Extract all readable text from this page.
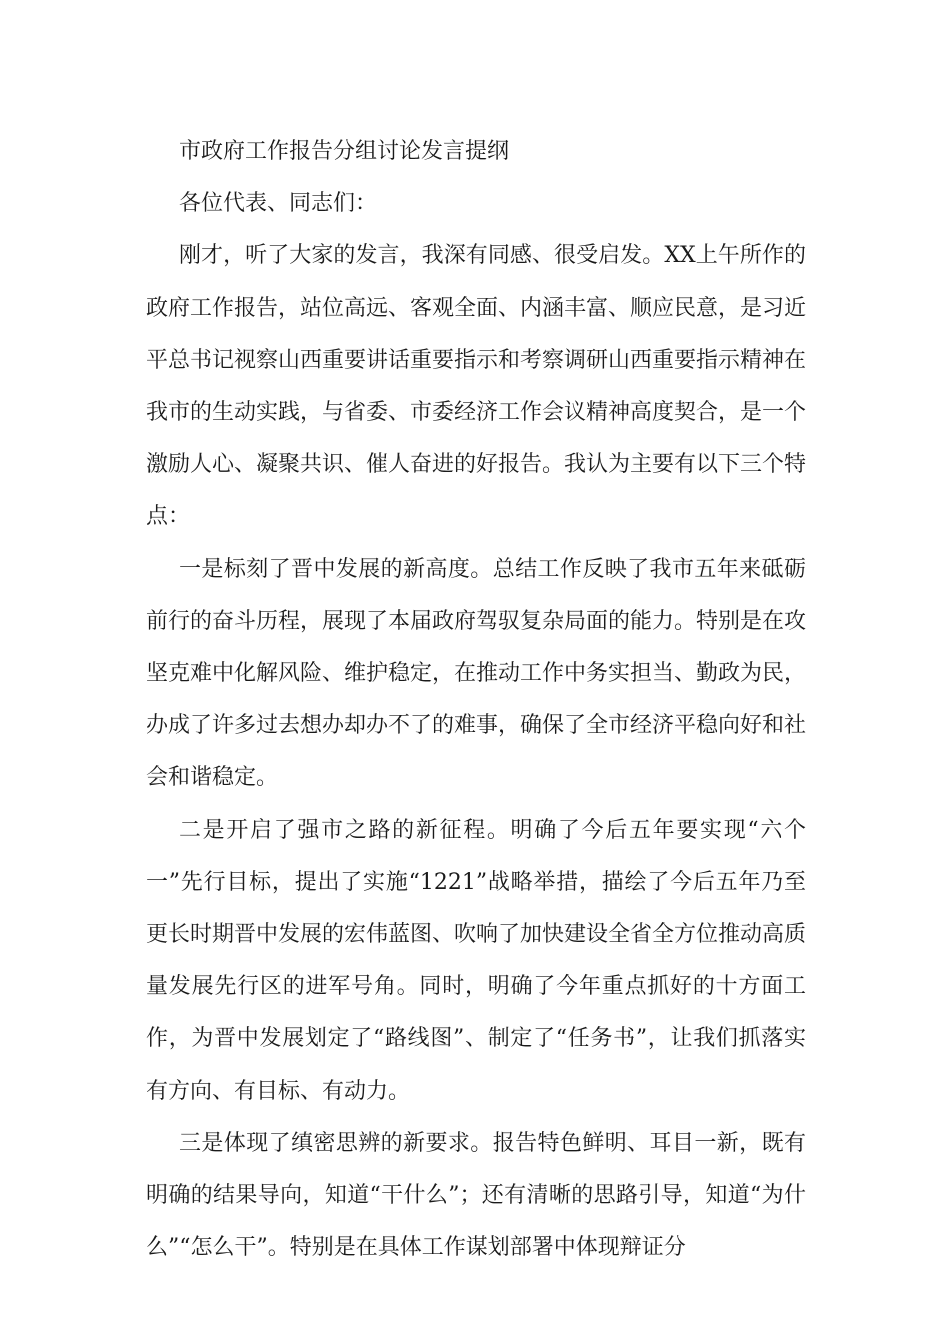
市政府工作报告分组讨论发言提纲

各位代表、同志们：

刚才，听了大家的发言，我深有同感、很受启发。XX上午所作的政府工作报告，站位高远、客观全面、内涵丰富、顺应民意，是习近平总书记视察山西重要讲话重要指示和考察调研山西重要指示精神在我市的生动实践，与省委、市委经济工作会议精神高度契合，是一个激励人心、凝聚共识、催人奋进的好报告。我认为主要有以下三个特点：

一是标刻了晋中发展的新高度。总结工作反映了我市五年来砥砺前行的奋斗历程，展现了本届政府驾驭复杂局面的能力。特别是在攻坚克难中化解风险、维护稳定，在推动工作中务实担当、勤政为民，办成了许多过去想办却办不了的难事，确保了全市经济平稳向好和社会和谐稳定。

二是开启了强市之路的新征程。明确了今后五年要实现“六个一”先行目标，提出了实施“1221”战略举措，描绘了今后五年乃至更长时期晋中发展的宏伟蓝图、吹响了加快建设全省全方位推动高质量发展先行区的进军号角。同时，明确了今年重点抓好的十方面工作，为晋中发展划定了“路线图”、制定了“任务书”，让我们抓落实有方向、有目标、有动力。

三是体现了缜密思辨的新要求。报告特色鲜明、耳目一新，既有明确的结果导向，知道“干什么”；还有清晰的思路引导，知道“为什么”“怎么干”。特别是在具体工作谋划部署中体现辩证分
